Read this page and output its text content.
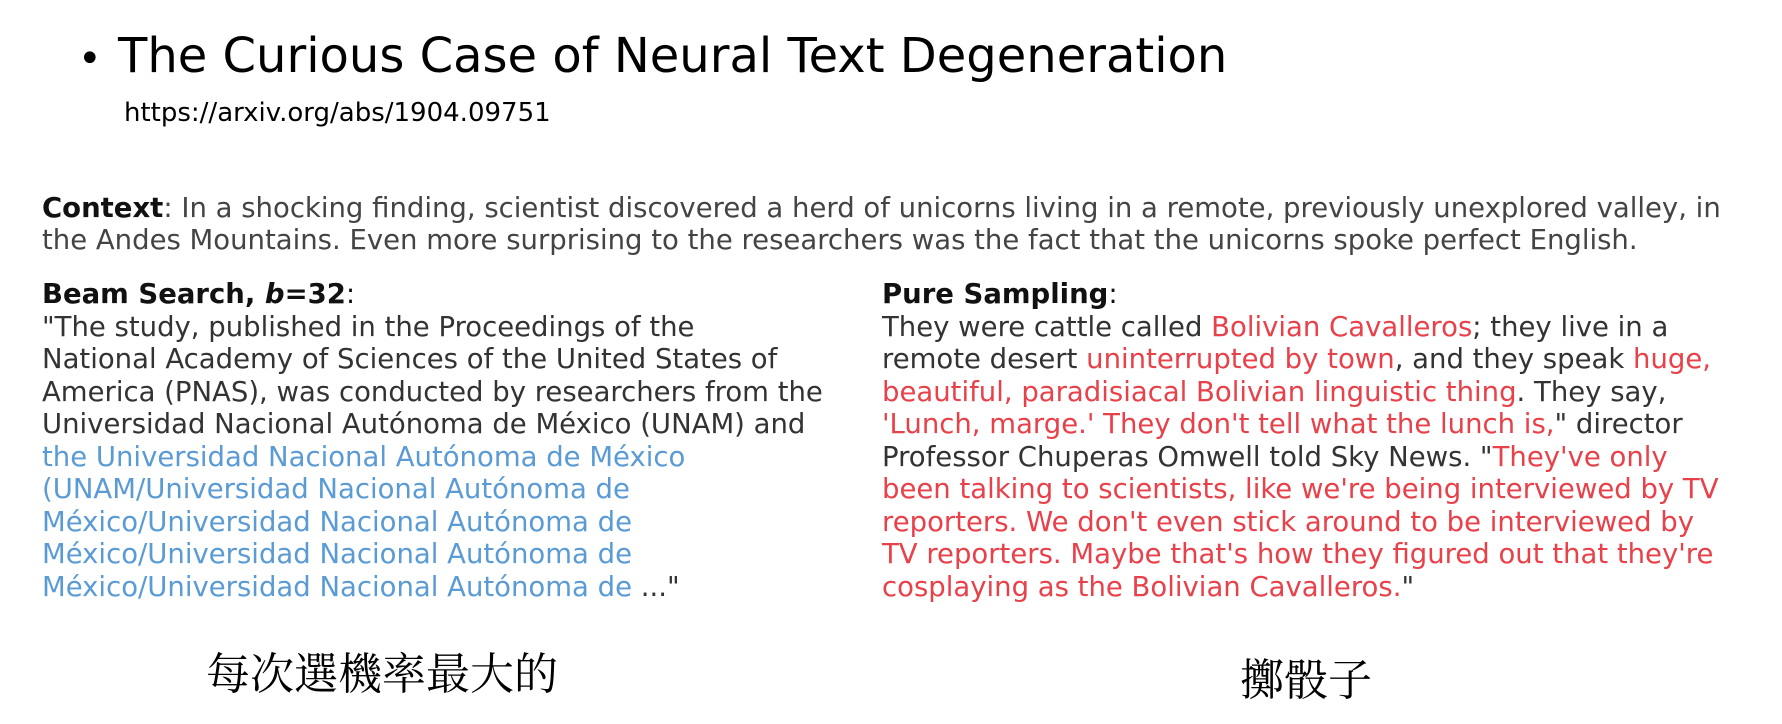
• The Curious Case of Neural Text Degeneration
https://arxiv.org/abs/1904.09751
Context: In a shocking finding, scientist discovered a herd of unicorns living in a remote, previously unexplored valley, in the Andes Mountains. Even more surprising to the researchers was the fact that the unicorns spoke perfect English.
Beam Search, b=32:
"The study, published in the Proceedings of the
National Academy of Sciences of the United States of
America (PNAS), was conducted by researchers from the
Universidad Nacional Autónoma de México (UNAM) and
the Universidad Nacional Autónoma de México
(UNAM/Universidad Nacional Autónoma de
México/Universidad Nacional Autónoma de
México/Universidad Nacional Autónoma de
México/Universidad Nacional Autónoma de ..."
Pure Sampling:
They were cattle called Bolivian Cavalleros; they live in a
remote desert uninterrupted by town, and they speak huge,
beautiful, paradisiacal Bolivian linguistic thing. They say,
'Lunch, marge.' They don't tell what the lunch is," director
Professor Chuperas Omwell told Sky News. "They've only
been talking to scientists, like we're being interviewed by TV
reporters. We don't even stick around to be interviewed by
TV reporters. Maybe that's how they figured out that they're
cosplaying as the Bolivian Cavalleros."
每次選機率最大的	擲骰子
